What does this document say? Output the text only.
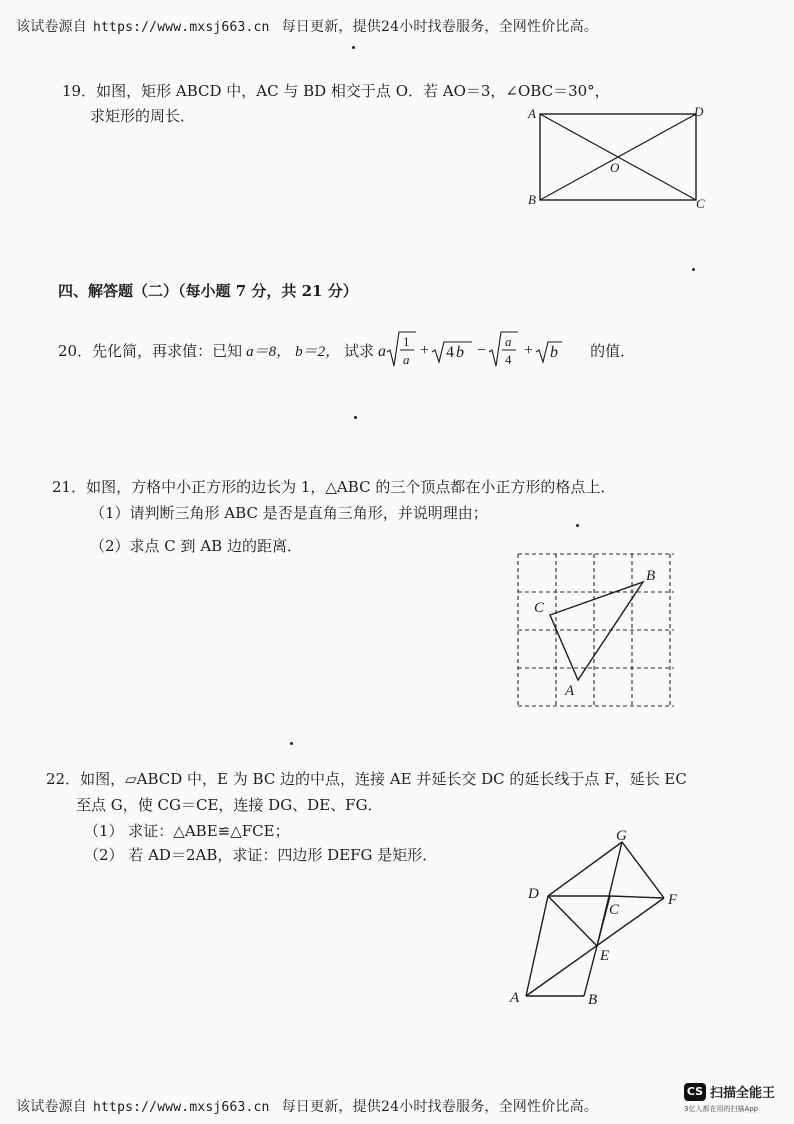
该试卷源自 https://www.mxsj663.cn 每日更新，提供24小时找卷服务，全网性价比高。
19．如图，矩形 ABCD 中，AC 与 BD 相交于点 O．若 AO＝3，∠OBC＝30°，
求矩形的周长．	A	D
B	C
O
四、解答题（二）（每小题 7 分，共 21 分）
20．先化简，再求值：已知 a＝8， b＝2， 试求 a
1
a
+ 4 b −
a
4
+ b 的值．
21．如图，方格中小正方形的边长为 1，△ABC 的三个顶点都在小正方形的格点上．
（1）请判断三角形 ABC 是否是直角三角形，并说明理由；
（2）求点 C 到 AB 边的距离．
C
B
A
22．如图，▱ABCD 中，E 为 BC 边的中点，连接 AE 并延长交 DC 的延长线于点 F，延长 EC
至点 G，使 CG＝CE，连接 DG、DE、FG．
（1） 求证：△ABE≌△FCE；
（2） 若 AD＝2AB，求证：四边形 DEFG 是矩形．
G
D
C
F
E
A	B
该试卷源自 https://www.mxsj663.cn 每日更新，提供24小时找卷服务，全网性价比高。
CS 扫描全能王
3亿人都在用的扫描App
